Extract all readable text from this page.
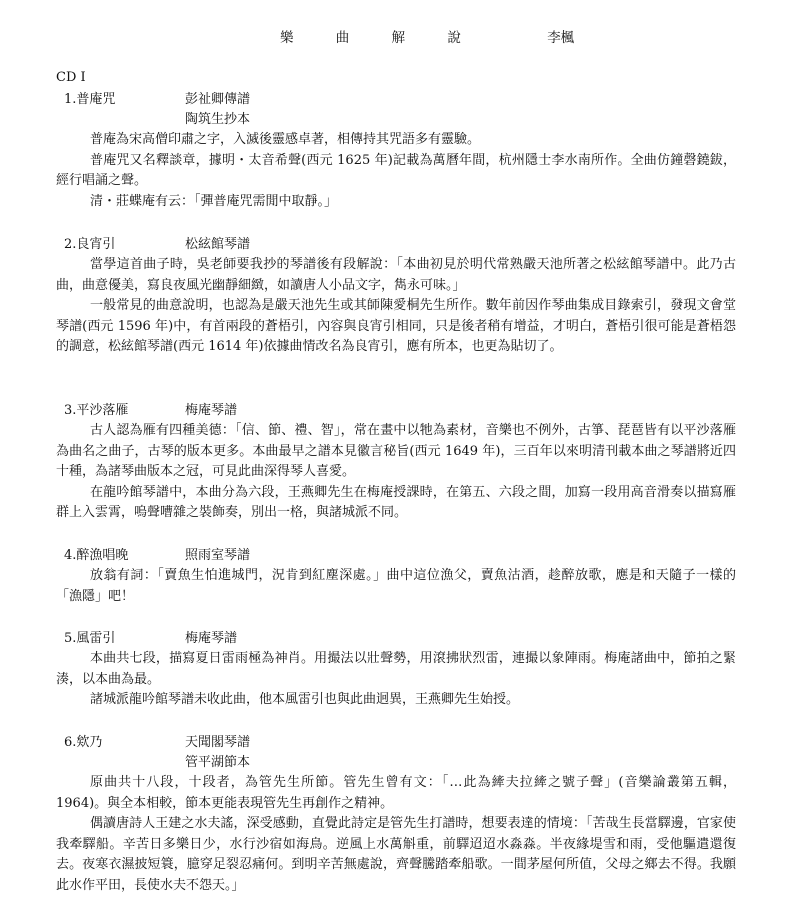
樂	曲	解	說	李楓
CD I
1.普庵咒	彭祉卿傳譜
陶筑生抄本

普庵為宋高僧印肅之字，入滅後靈感卓著，相傳持其咒語多有靈驗。

普庵咒又名釋談章，據明・太音希聲(西元 1625 年)記載為萬曆年間，杭州隱士李水南所作。全曲仿鐘磬鐃鈸，經行唱誦之聲。

清・莊蝶庵有云：「彈普庵咒需閒中取靜。」

2.良宵引	松絃館琴譜

當學這首曲子時，吳老師要我抄的琴譜後有段解說：「本曲初見於明代常熟嚴天池所著之松絃館琴譜中。此乃古曲，曲意優美，寫良夜風光幽靜細緻，如讀唐人小品文字，雋永可味。」

一般常見的曲意說明，也認為是嚴天池先生或其師陳愛桐先生所作。數年前因作琴曲集成目錄索引，發現文會堂琴譜(西元 1596 年)中，有首兩段的蒼梧引，內容與良宵引相同，只是後者稍有增益，才明白，蒼梧引很可能是蒼梧怨的調意，松絃館琴譜(西元 1614 年)依據曲情改名為良宵引，應有所本，也更為貼切了。

3.平沙落雁	梅庵琴譜

古人認為雁有四種美德：「信、節、禮、智」，常在畫中以牠為素材，音樂也不例外，古箏、琵琶皆有以平沙落雁為曲名之曲子，古琴的版本更多。本曲最早之譜本見徽言秘旨(西元 1649 年)，三百年以來明清刊載本曲之琴譜將近四十種，為諸琴曲版本之冠，可見此曲深得琴人喜愛。

在龍吟館琴譜中，本曲分為六段，王燕卿先生在梅庵授課時，在第五、六段之間，加寫一段用高音滑奏以描寫雁群上入雲霄，嗚聲嘈雜之裝飾奏，別出一格，與諸城派不同。

4.醉漁唱晚	照雨室琴譜

放翁有詞：「賣魚生怕進城門，況肯到紅塵深處。」曲中這位漁父，賣魚沽酒，趁醉放歌，應是和天隨子一樣的「漁隱」吧！

5.風雷引	梅庵琴譜

本曲共七段，描寫夏日雷雨極為神肖。用撮法以壯聲勢，用滾拂狀烈雷，連撮以象陣雨。梅庵諸曲中，節拍之緊湊，以本曲為最。

諸城派龍吟館琴譜未收此曲，他本風雷引也與此曲迥異，王燕卿先生始授。

6.欸乃	天聞閣琴譜
管平湖節本

原曲共十八段，十段者，為管先生所節。管先生曾有文：「…此為縴夫拉縴之號子聲」(音樂論叢第五輯，1964)。與全本相較，節本更能表現管先生再創作之精神。

偶讀唐詩人王建之水夫謠，深受感動，直覺此詩定是管先生打譜時，想要表達的情境：「苦哉生長當驛邊，官家使我牽驛船。辛苦日多樂日少，水行沙宿如海鳥。逆風上水萬斛重，前驛迢迢水淼淼。半夜緣堤雪和雨，受他驅遣還復去。夜寒衣濕披短簑，臆穿足裂忍痛何。到明辛苦無處說，齊聲騰踏牽船歌。一間茅屋何所值，父母之鄉去不得。我願此水作平田，長使水夫不怨天。」
